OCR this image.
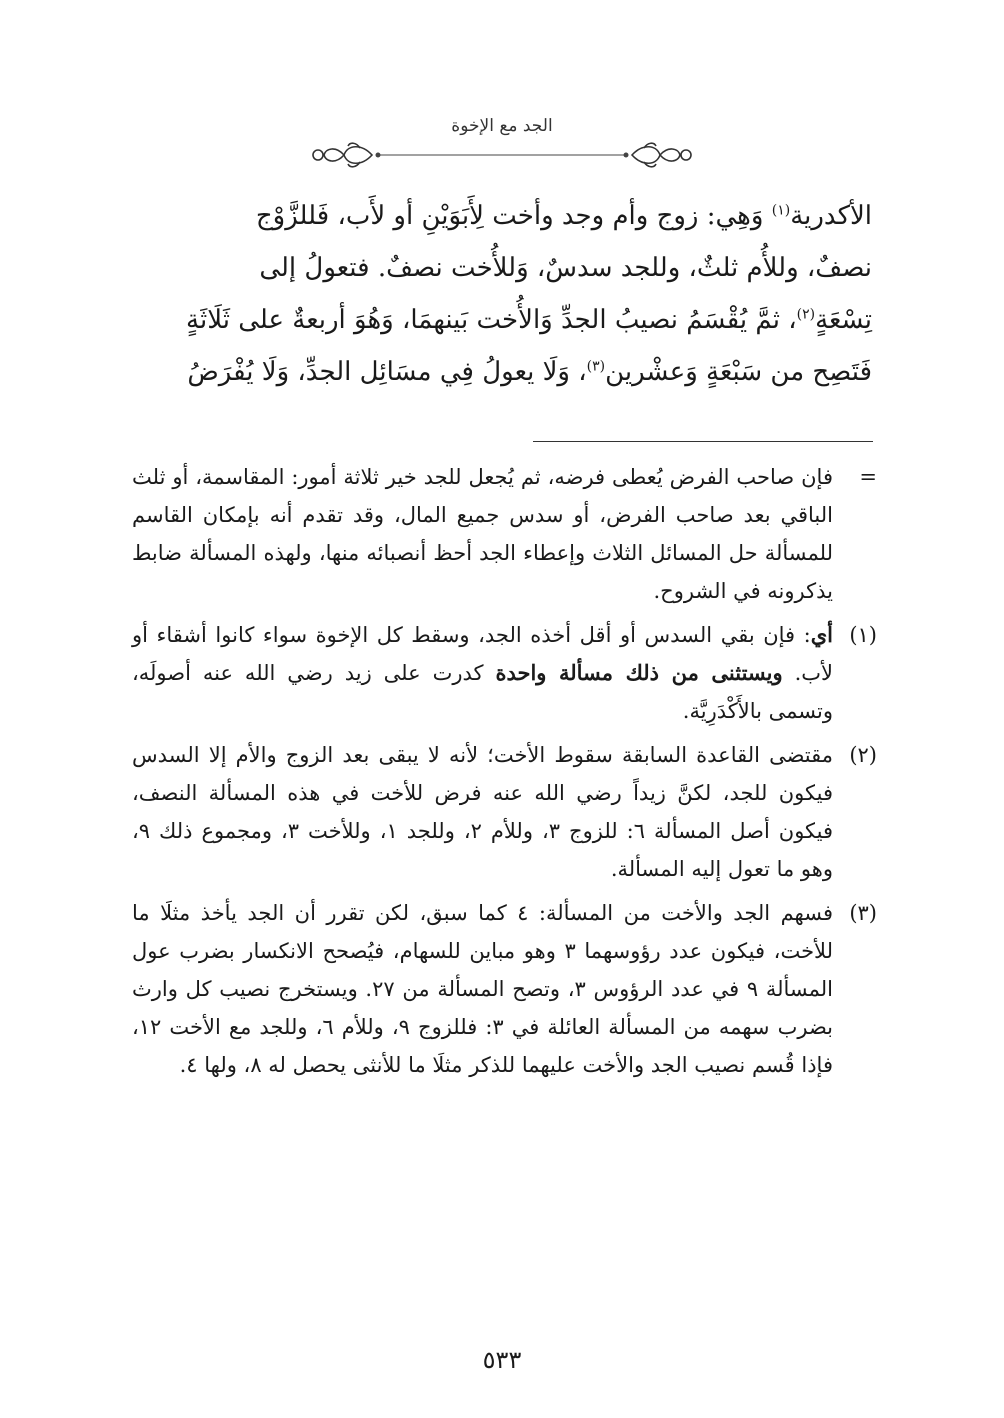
الجد مع الإخوة

الأكدرية$^{(١)}$ وَهِي: زوج وأم وجد وأخت لِأَبَوَيْنِ أو لأَب، فَللزَّوْج

نصفٌ، وللأُم ثلثٌ، وللجد سدسٌ، وَللأُخت نصفٌ. فتعولُ إلى

تِسْعَةٍ$^{(٢)}$، ثمَّ يُقْسَمُ نصيبُ الجدِّ وَالأُخت بَينهمَا، وَهُوَ أربعةٌ على ثَلَاثَةٍ

فَتَصِح من سَبْعَةٍ وَعشْرين$^{(٣)}$، وَلَا يعولُ فِي مسَائِل الجدِّ، وَلَا يُفْرَضُ

=
فإن صاحب الفرض يُعطى فرضه، ثم يُجعل للجد خير ثلاثة أمور: المقاسمة، أو ثلث الباقي بعد صاحب الفرض، أو سدس جميع المال، وقد تقدم أنه بإمكان القاسم للمسألة حل المسائل الثلاث وإعطاء الجد أحظ أنصبائه منها، ولهذه المسألة ضابط يذكرونه في الشروح.
(١)
أي: فإن بقي السدس أو أقل أخذه الجد، وسقط كل الإخوة سواء كانوا أشقاء أو لأب. ويستثنى من ذلك مسألة واحدة كدرت على زيد رضي الله عنه أصولَه، وتسمى بالأَكْدَرِيَّة.
(٢)
مقتضى القاعدة السابقة سقوط الأخت؛ لأنه لا يبقى بعد الزوج والأم إلا السدس فيكون للجد، لكنَّ زيداً رضي الله عنه فرض للأخت في هذه المسألة النصف، فيكون أصل المسألة ٦: للزوج ٣، وللأم ٢، وللجد ١، وللأخت ٣، ومجموع ذلك ٩، وهو ما تعول إليه المسألة.
(٣)
فسهم الجد والأخت من المسألة: ٤ كما سبق، لكن تقرر أن الجد يأخذ مثلَا ما للأخت، فيكون عدد رؤوسهما ٣ وهو مباين للسهام، فيُصحح الانكسار بضرب عول المسألة ٩ في عدد الرؤوس ٣، وتصح المسألة من ٢٧. ويستخرج نصيب كل وارث بضرب سهمه من المسألة العائلة في ٣: فللزوج ٩، وللأم ٦، وللجد مع الأخت ١٢، فإذا قُسم نصيب الجد والأخت عليهما للذكر مثلَا ما للأنثى يحصل له ٨، ولها ٤.
٥٣٣
